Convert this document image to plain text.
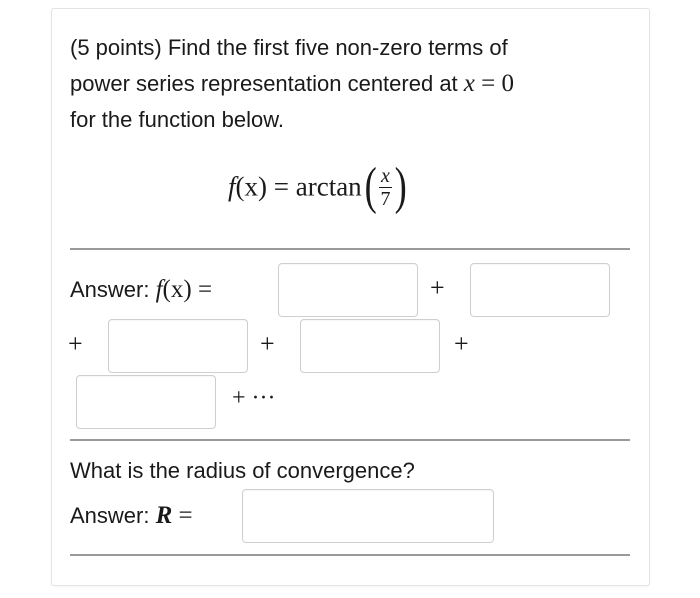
(5 points) Find the first five non-zero terms of
power series representation centered at x = 0
for the function below.
$f(x) = \arctan( \frac{x}{7}$ )
Answer: f(x) =	+
+	+	+
+ ···
What is the radius of convergence?
Answer: R =
